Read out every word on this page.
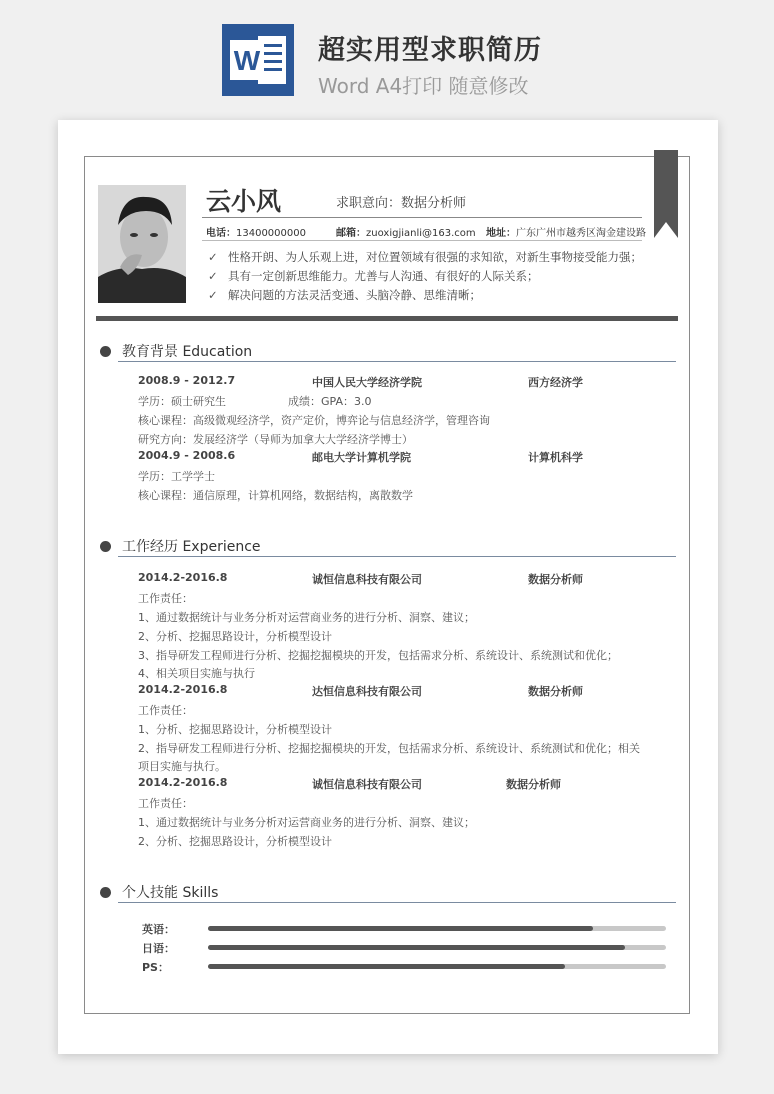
W 超实用型求职简历
Word A4打印 随意修改
云小风	求职意向：数据分析师
电话：13400000000	邮箱：zuoxigjianli@163.com 地址：广东广州市越秀区淘金建设路
✓ 性格开朗、为人乐观上进，对位置领域有很强的求知欲，对新生事物接受能力强；
✓ 具有一定创新思维能力。尤善与人沟通、有很好的人际关系；
✓ 解决问题的方法灵活变通、头脑冷静、思维清晰；
教育背景 Education
2008.9 - 2012.7	中国人民大学经济学院	西方经济学
学历：硕士研究生	成绩：GPA：3.0
核心课程：高级微观经济学，资产定价，博弈论与信息经济学，管理咨询
研究方向：发展经济学（导师为加拿大大学经济学博士）
2004.9 - 2008.6	邮电大学计算机学院	计算机科学
学历：工学学士
核心课程：通信原理，计算机网络，数据结构，离散数学
工作经历 Experience
2014.2-2016.8	诚恒信息科技有限公司	数据分析师
工作责任：
1、通过数据统计与业务分析对运营商业务的进行分析、洞察、建议；
2、分析、挖掘思路设计，分析模型设计
3、指导研发工程师进行分析、挖掘挖掘模块的开发，包括需求分析、系统设计、系统测试和优化；
4、相关项目实施与执行
2014.2-2016.8	达恒信息科技有限公司	数据分析师
工作责任：
1、分析、挖掘思路设计，分析模型设计
2、指导研发工程师进行分析、挖掘挖掘模块的开发，包括需求分析、系统设计、系统测试和优化；相关
项目实施与执行。
2014.2-2016.8	诚恒信息科技有限公司	数据分析师
工作责任：
1、通过数据统计与业务分析对运营商业务的进行分析、洞察、建议；
2、分析、挖掘思路设计，分析模型设计
个人技能 Skills
英语：
日语：
PS：
